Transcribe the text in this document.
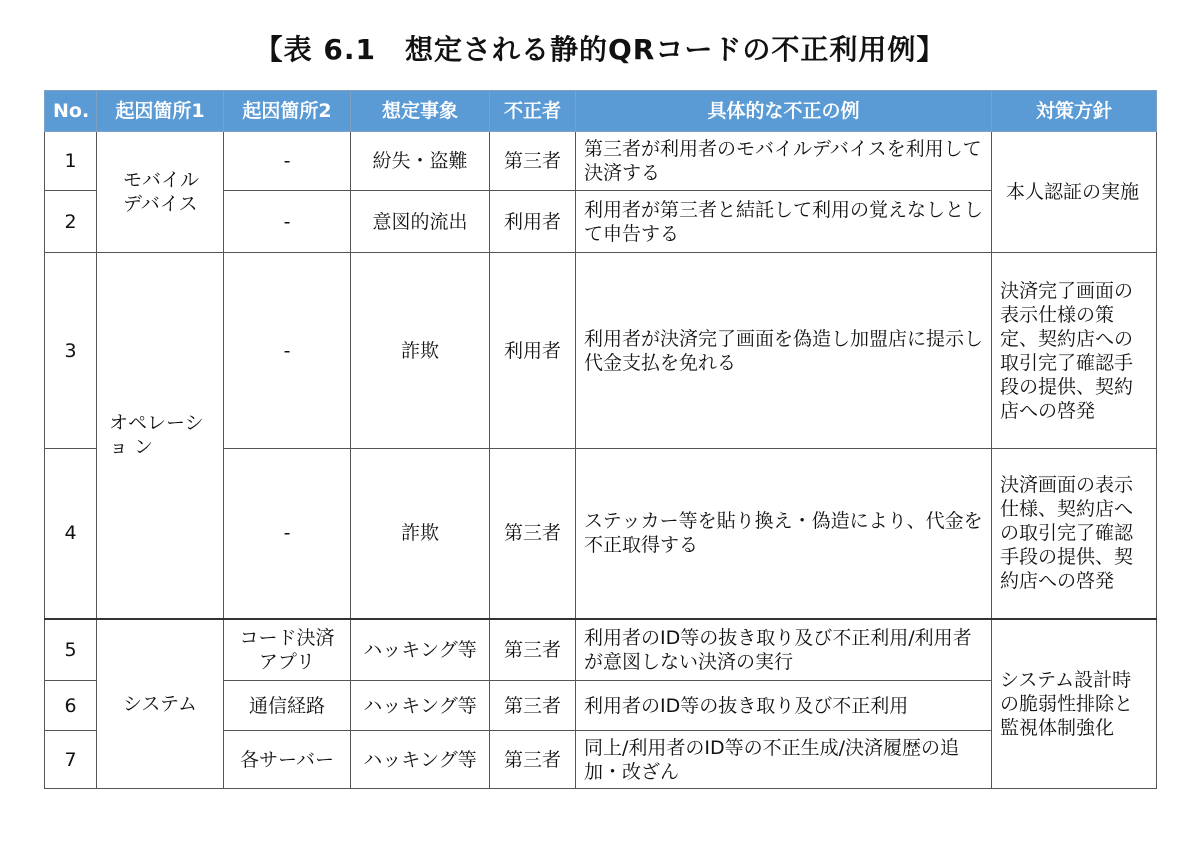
【表 6.1　想定される静的QRコードの不正利用例】
No.	起因箇所1	起因箇所2	想定事象	不正者	具体的な不正の例	対策方針
1	モバイル デバイス	-	紛失・盗難	第三者	第三者が利用者のモバイルデバイスを利用して決済する	本人認証の実施
2		-	意図的流出	利用者	利用者が第三者と結託して利用の覚えなしとして申告する	
3	オペレーショ ン	-	詐欺	利用者	利用者が決済完了画面を偽造し加盟店に提示し代金支払を免れる	決済完了画面の表示仕様の策定、契約店への取引完了確認手段の提供、契約店への啓発
4		-	詐欺	第三者	ステッカー等を貼り換え・偽造により、代金を不正取得する	決済画面の表示仕様、契約店への取引完了確認手段の提供、契約店への啓発
5	システム	コード決済 アプリ	ハッキング等	第三者	利用者のID等の抜き取り及び不正利用/利用者が意図しない決済の実行	システム設計時の脆弱性排除と監視体制強化
6		通信経路	ハッキング等	第三者	利用者のID等の抜き取り及び不正利用	
7		各サーバー	ハッキング等	第三者	同上/利用者のID等の不正生成/決済履歴の追加・改ざん	
